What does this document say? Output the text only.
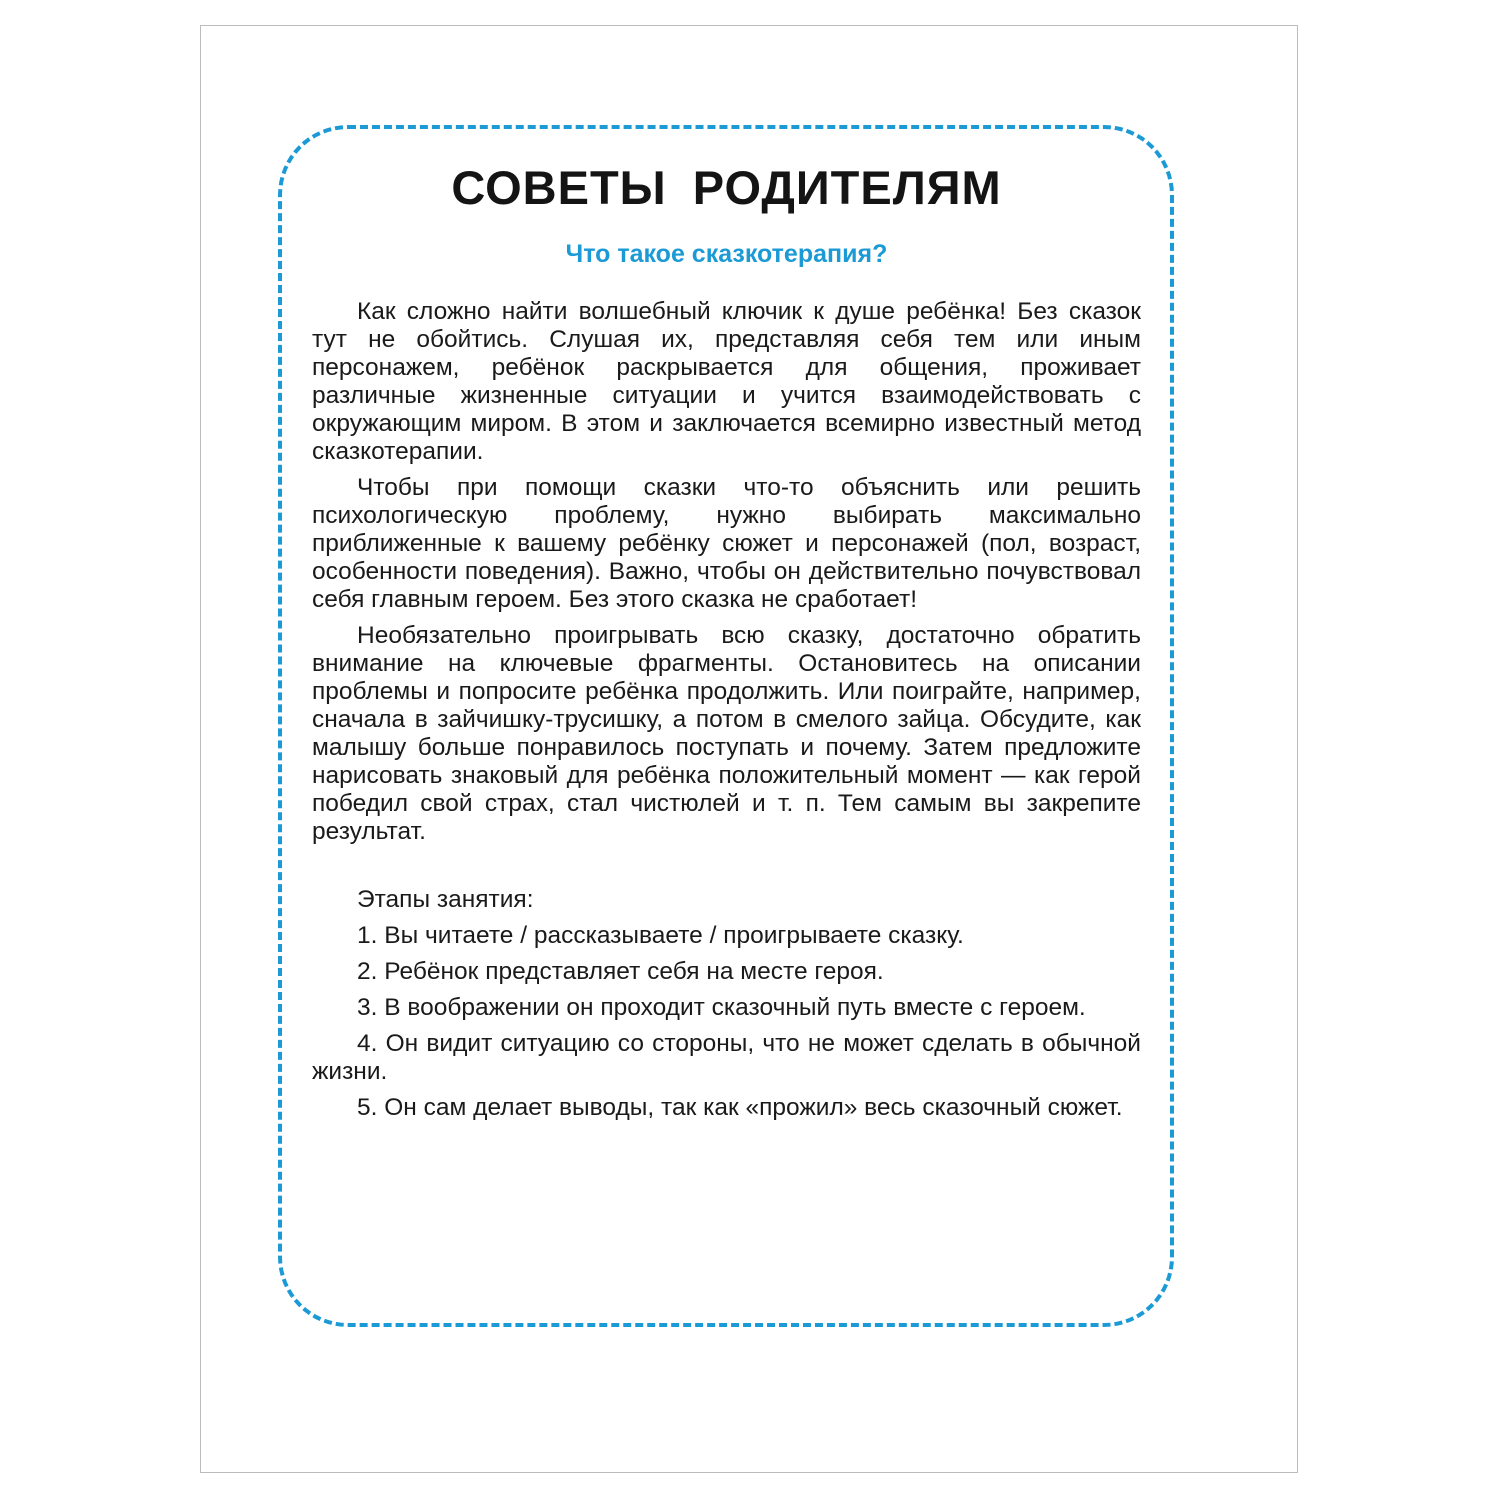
СОВЕТЫ РОДИТЕЛЯМ
Что такое сказкотерапия?

Как сложно найти волшебный ключик к душе ребёнка! Без сказок тут не обойтись. Слушая их, представляя себя тем или иным персонажем, ребёнок раскрывается для общения, проживает различные жизненные ситуации и учится взаимодействовать с окружающим миром. В этом и заключается всемирно известный метод сказкотерапии.

Чтобы при помощи сказки что-то объяснить или решить психологическую проблему, нужно выбирать максимально приближенные к вашему ребёнку сюжет и персонажей (пол, возраст, особенности поведения). Важно, чтобы он действительно почувствовал себя главным героем. Без этого сказка не сработает!

Необязательно проигрывать всю сказку, достаточно обратить внимание на ключевые фрагменты. Остановитесь на описании проблемы и попросите ребёнка продолжить. Или поиграйте, например, сначала в зайчишку-трусишку, а потом в смелого зайца. Обсудите, как малышу больше понравилось поступать и почему. Затем предложите нарисовать знаковый для ребёнка положительный момент — как герой победил свой страх, стал чистюлей и т. п. Тем самым вы закрепите результат.

Этапы занятия:

1. Вы читаете / рассказываете / проигрываете сказку.

2. Ребёнок представляет себя на месте героя.

3. В воображении он проходит сказочный путь вместе с героем.

4. Он видит ситуацию со стороны, что не может сделать в обычной жизни.

5. Он сам делает выводы, так как «прожил» весь сказочный сюжет.
